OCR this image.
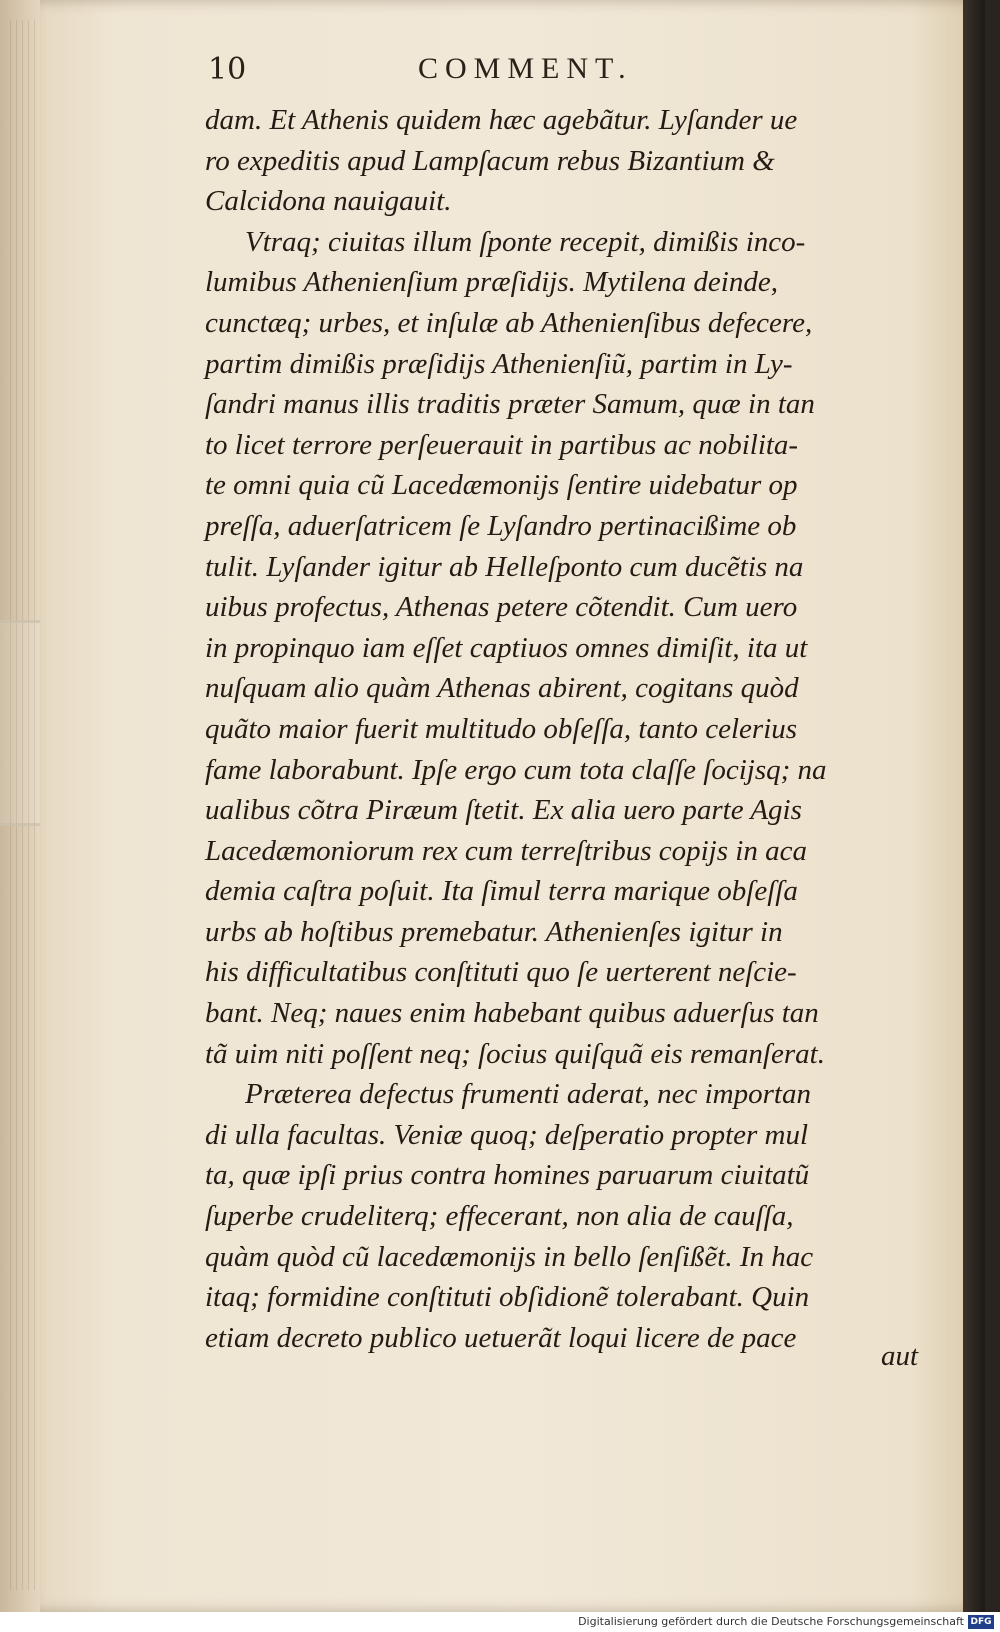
10	COMMENT.
dam. Et Athenis quidem hæc agebãtur. Lyſander ue
ro expeditis apud Lampſacum rebus Bizantium &
Calcidona nauigauit.
Vtraq; ciuitas illum ſponte recepit, dimißis inco-
lumibus Athenienſium præſidijs. Mytilena deinde,
cunctæq; urbes, et inſulæ ab Athenienſibus defecere,
partim dimißis præſidijs Athenienſiũ, partim in Ly-
ſandri manus illis traditis præter Samum, quæ in tan
to licet terrore perſeuerauit in partibus ac nobilita-
te omni quia cũ Lacedæmonijs ſentire uidebatur op
preſſa, aduerſatricem ſe Lyſandro pertinacißime ob
tulit. Lyſander igitur ab Helleſponto cum ducẽtis na
uibus profectus, Athenas petere cõtendit. Cum uero
in propinquo iam eſſet captiuos omnes dimiſit, ita ut
nuſquam alio quàm Athenas abirent, cogitans quòd
quãto maior fuerit multitudo obſeſſa, tanto celerius
fame laborabunt. Ipſe ergo cum tota claſſe ſocijsq; na
ualibus cõtra Piræum ſtetit. Ex alia uero parte Agis
Lacedæmoniorum rex cum terreſtribus copijs in aca
demia caſtra poſuit. Ita ſimul terra marique obſeſſa
urbs ab hoſtibus premebatur. Athenienſes igitur in
his difficultatibus conſtituti quo ſe uerterent neſcie-
bant. Neq; naues enim habebant quibus aduerſus tan
tã uim niti poſſent neq; ſocius quiſquã eis remanſerat.
Præterea defectus frumenti aderat, nec importan
di ulla facultas. Veniæ quoq; deſperatio propter mul
ta, quæ ipſi prius contra homines paruarum ciuitatũ
ſuperbe crudeliterq; effecerant, non alia de cauſſa,
quàm quòd cũ lacedæmonijs in bello ſenſißẽt. In hac
itaq; formidine conſtituti obſidionẽ tolerabant. Quin
etiam decreto publico uetuerãt loqui licere de pace
aut
Digitalisierung gefördert durch die Deutsche Forschungsgemeinschaft DFG
